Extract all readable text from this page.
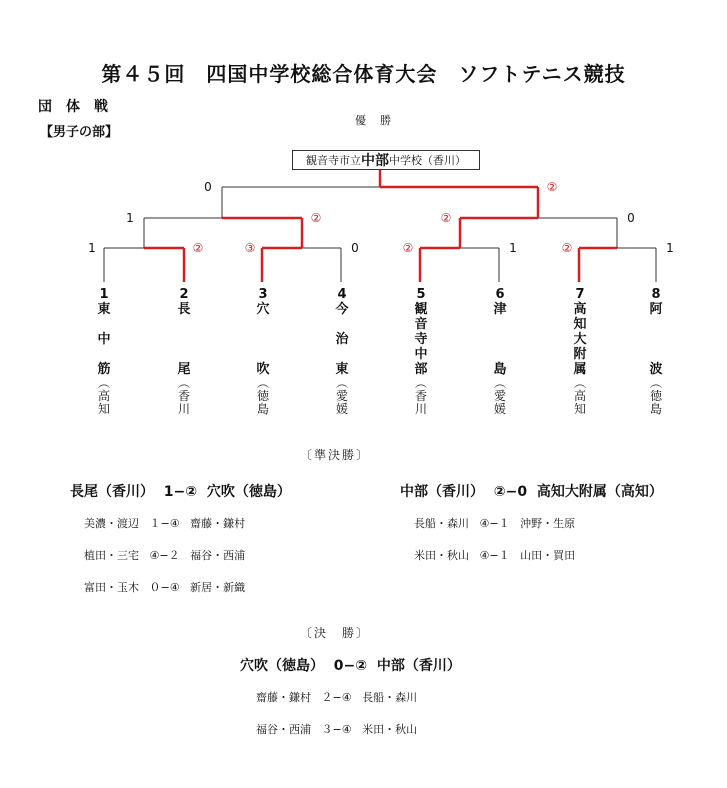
第４５回　四国中学校総合体育大会　ソフトテニス競技
団体戦
【男子の部】
優勝
1	②	③	0	②	1	②	1
1	②	②	0
0	②
観音寺市立 中部 中学校（香川）
1
東

中

筋
︵
高
知
2
長

尾
︵
香
川
3
穴

吹
︵
徳
島
4
今

治

東
︵
愛
媛
5
観
音
寺
中
部
︵
香
川
6
津

島
︵
愛
媛
7
高
知
大
附
属
︵
高
知
8
阿

波
︵
徳
島
〔準決勝〕
長尾（香川） 1−② 穴吹（徳島）
美濃・渡辺 １−④ 齋藤・鎌村
植田・三宅 ④−２ 福谷・西浦
富田・玉木 ０−④ 新居・新織
中部（香川） ②−0 高知大附属（高知）
長船・森川 ④−１ 沖野・生原
米田・秋山 ④−１ 山田・買田
〔決　勝〕
穴吹（徳島） 0−② 中部（香川）
齋藤・鎌村 ２−④ 長船・森川
福谷・西浦 ３−④ 米田・秋山
